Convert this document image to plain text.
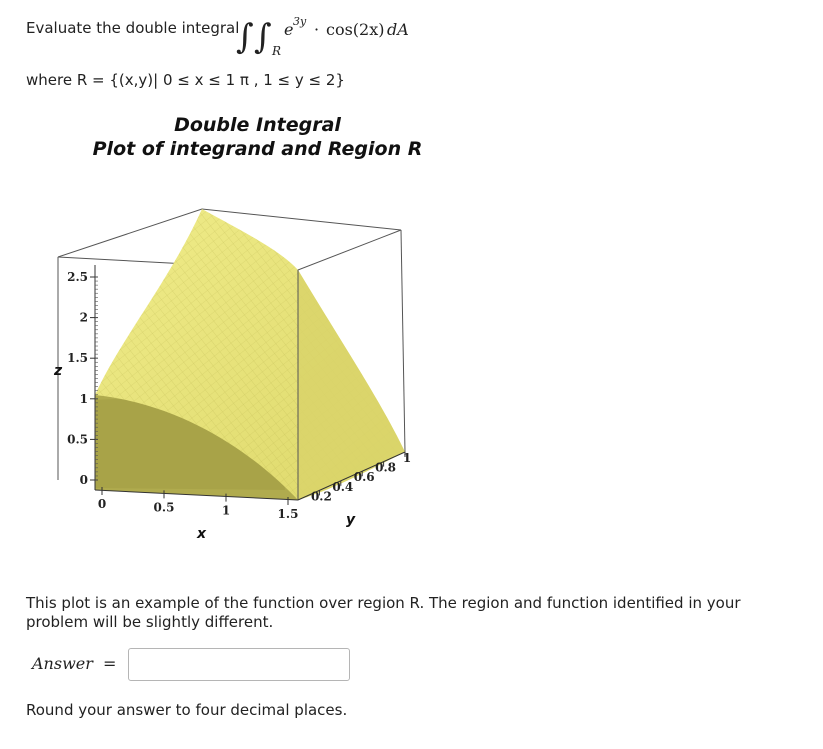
Evaluate the double integral
∫ ∫ R
e 3y · cos(2x) dA
where R = {(x,y)| 0 ≤ x ≤ 1 π , 1 ≤ y ≤ 2}
Double Integral
Plot of integrand and Region R
0
0.5
1
1.5
2
2.5
0	0.5	1	1.5
0.2
0.4
0.6
0.8
1
z
x
y
This plot is an example of the function over region R. The region and function identified in your problem will be slightly different.
Answer =
Round your answer to four decimal places.
